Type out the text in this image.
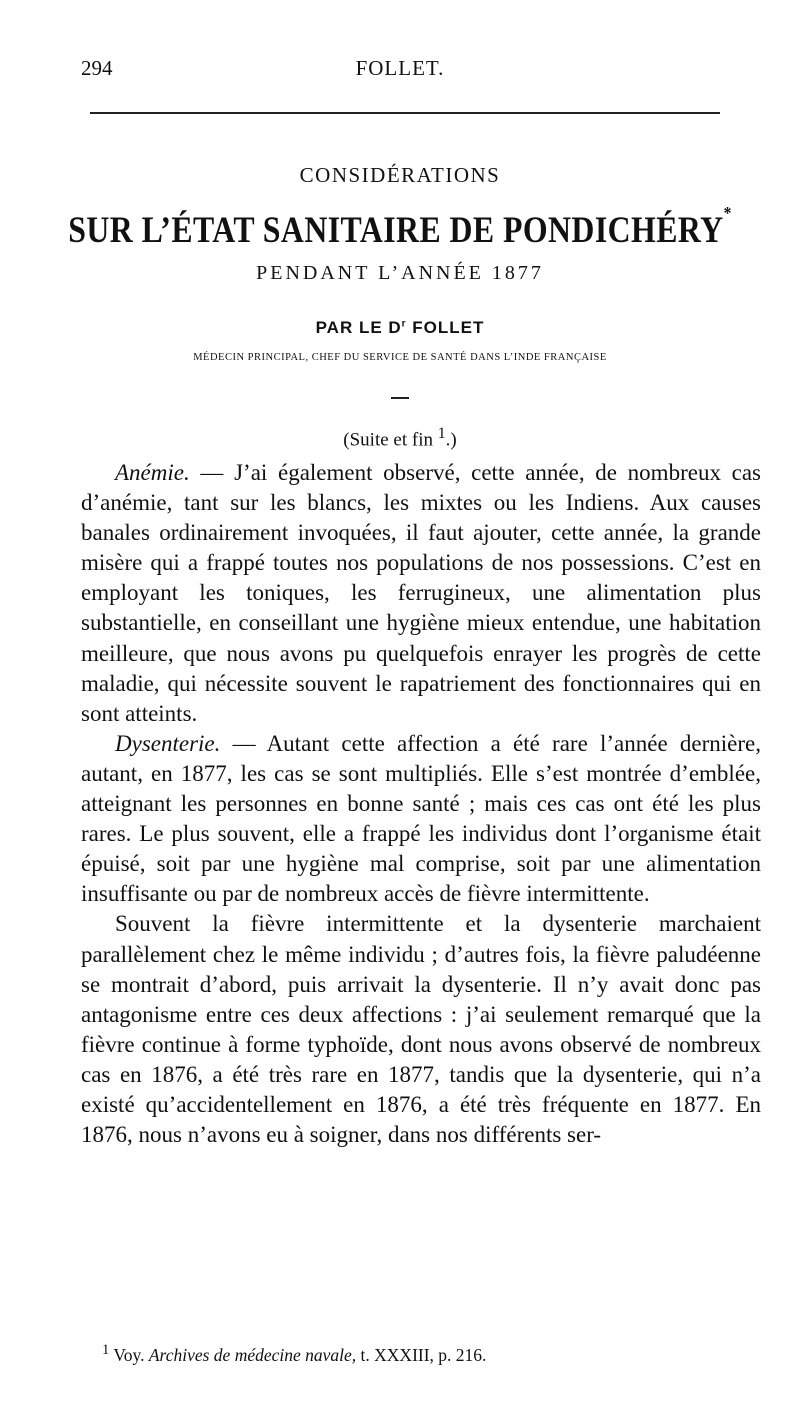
294	FOLLET.
CONSIDÉRATIONS
SUR L’ÉTAT SANITAIRE DE PONDICHÉRY*
PENDANT L’ANNÉE 1877
PAR LE $D^r$ FOLLET
MÉDECIN PRINCIPAL, CHEF DU SERVICE DE SANTÉ DANS L’INDE FRANÇAISE
(Suite et fin $^1$.)

Anémie. — J’ai également observé, cette année, de nombreux cas d’anémie, tant sur les blancs, les mixtes ou les Indiens. Aux causes banales ordinairement invoquées, il faut ajouter, cette année, la grande misère qui a frappé toutes nos populations de nos possessions. C’est en employant les toniques, les ferrugineux, une alimentation plus substantielle, en conseillant une hygiène mieux entendue, une habitation meilleure, que nous avons pu quelquefois enrayer les progrès de cette maladie, qui nécessite souvent le rapatriement des fonctionnaires qui en sont atteints.

Dysenterie. — Autant cette affection a été rare l’année dernière, autant, en 1877, les cas se sont multipliés. Elle s’est montrée d’emblée, atteignant les personnes en bonne santé ; mais ces cas ont été les plus rares. Le plus souvent, elle a frappé les individus dont l’organisme était épuisé, soit par une hygiène mal comprise, soit par une alimentation insuffisante ou par de nombreux accès de fièvre intermittente.

Souvent la fièvre intermittente et la dysenterie marchaient parallèlement chez le même individu ; d’autres fois, la fièvre paludéenne se montrait d’abord, puis arrivait la dysenterie. Il n’y avait donc pas antagonisme entre ces deux affections : j’ai seulement remarqué que la fièvre continue à forme typhoïde, dont nous avons observé de nombreux cas en 1876, a été très rare en 1877, tandis que la dysenterie, qui n’a existé qu’accidentellement en 1876, a été très fréquente en 1877. En 1876, nous n’avons eu à soigner, dans nos différents ser-

$^1$ Voy. Archives de médecine navale, t. XXXIII, p. 216.
